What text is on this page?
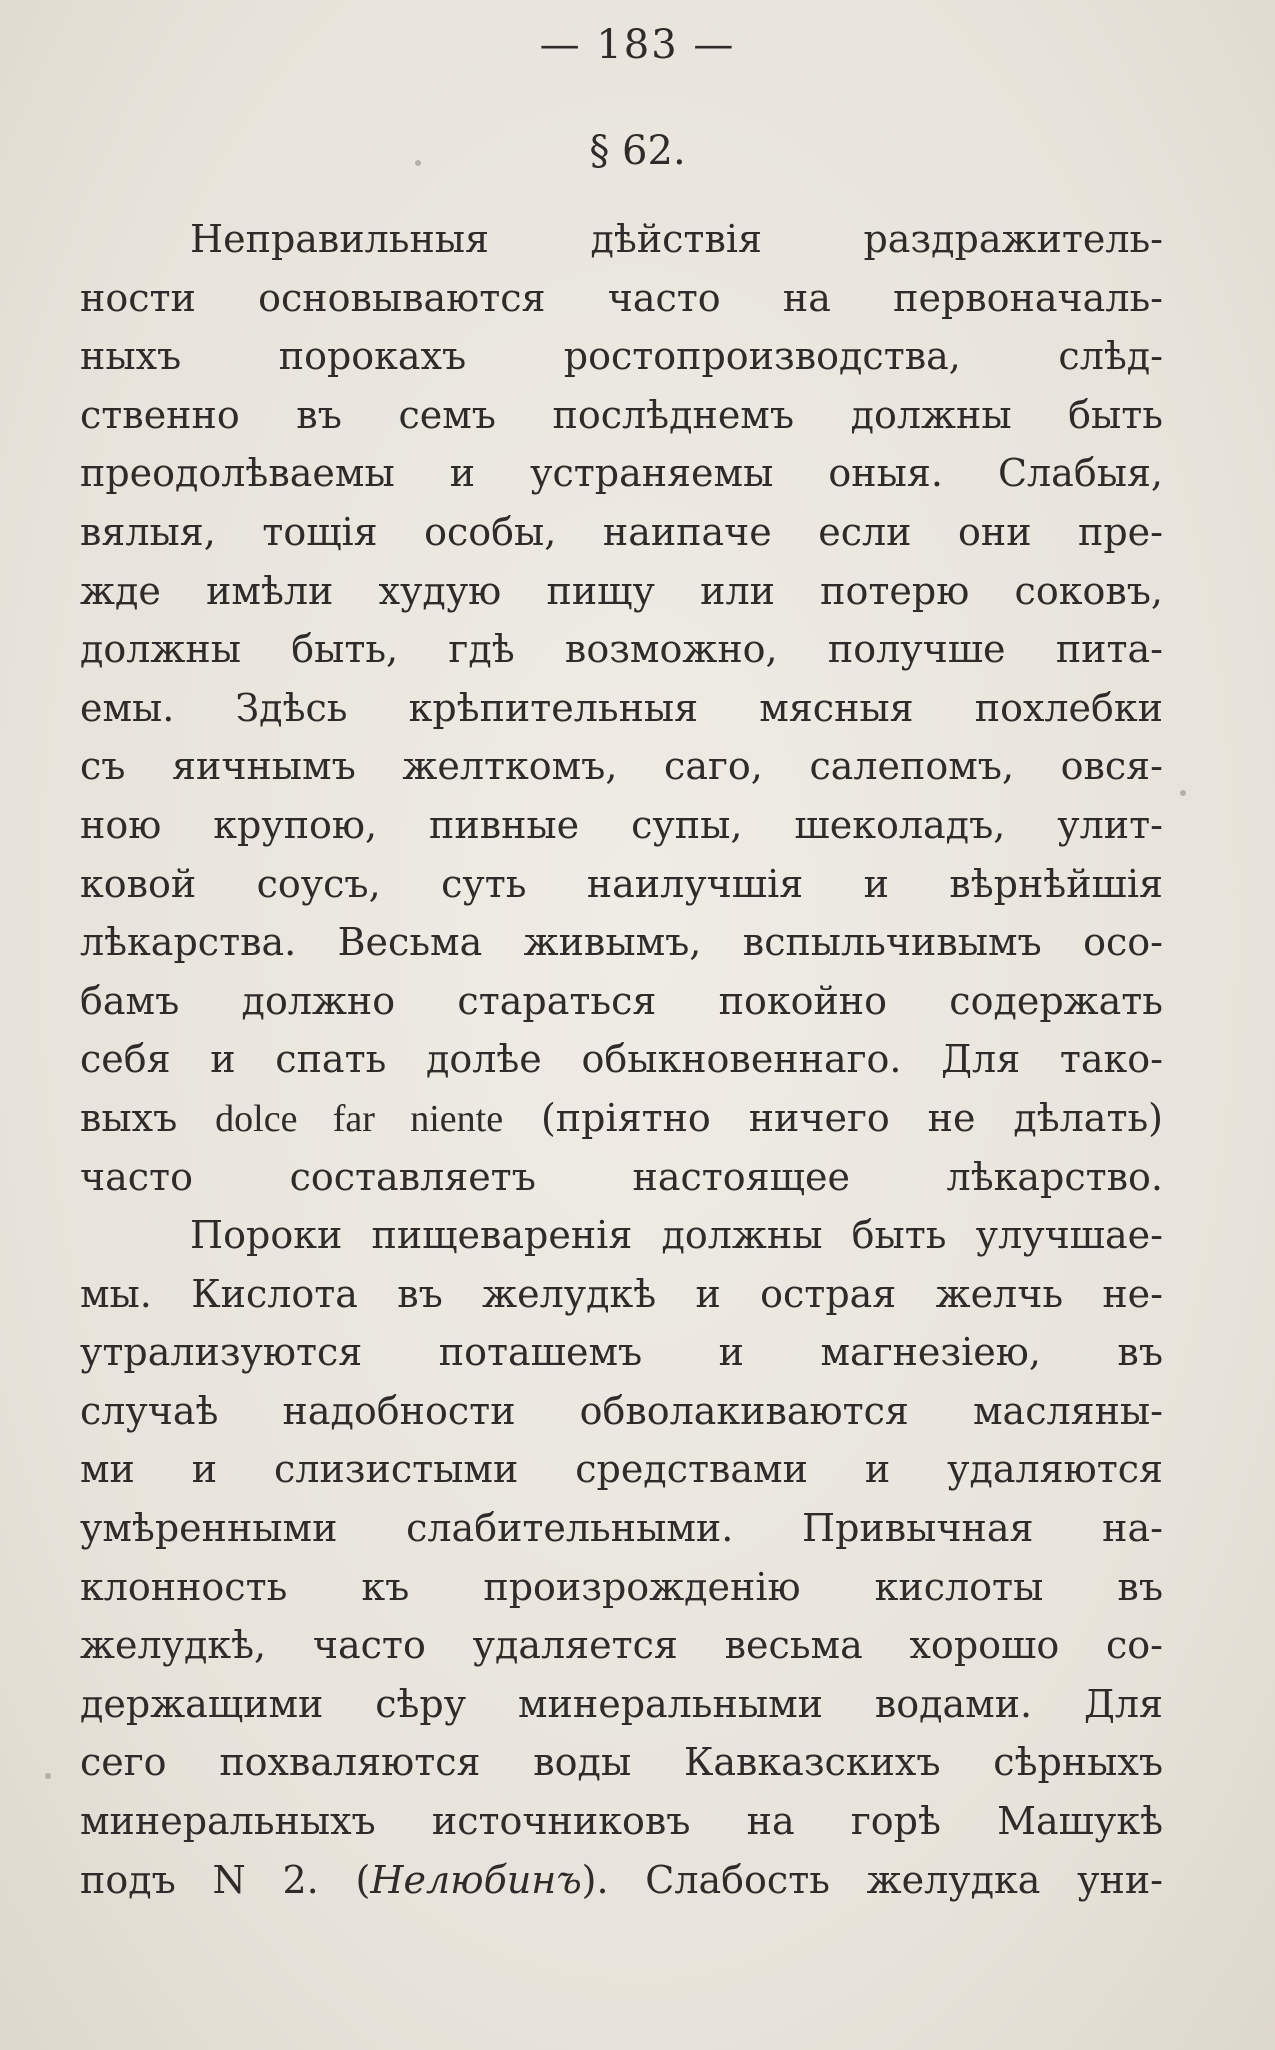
— 183 —
§ 62.
Неправильныя дѣйствія раздражитель-
ности основываются часто на первоначаль-
ныхъ порокахъ ростопроизводства, слѣд-
ственно въ семъ послѣднемъ должны быть
преодолѣваемы и устраняемы оныя. Слабыя,
вялыя, тощія особы, наипаче если они пре-
жде имѣли худую пищу или потерю соковъ,
должны быть, гдѣ возможно, получше пита-
емы. Здѣсь крѣпительныя мясныя похлебки
съ яичнымъ желткомъ, саго, салепомъ, овся-
ною крупою, пивные супы, шеколадъ, улит-
ковой соусъ, суть наилучшія и вѣрнѣйшія
лѣкарства. Весьма живымъ, вспыльчивымъ осо-
бамъ должно стараться покойно содержать
себя и спать долѣе обыкновеннаго. Для тако-
выхъ dolce far niente (пріятно ничего не дѣлать)
часто составляетъ настоящее лѣкарство.
Пороки пищеваренія должны быть улучшае-
мы. Кислота въ желудкѣ и острая желчь не-
утрализуются поташемъ и магнезіею, въ
случаѣ надобности обволакиваются масляны-
ми и слизистыми средствами и удаляются
умѣренными слабительными. Привычная на-
клонность къ произрожденію кислоты въ
желудкѣ, часто удаляется весьма хорошо со-
держащими сѣру минеральными водами. Для
сего похваляются воды Кавказскихъ сѣрныхъ
минеральныхъ источниковъ на горѣ Машукѣ
подъ N 2. (Нелюбинъ). Слабость желудка уни-
